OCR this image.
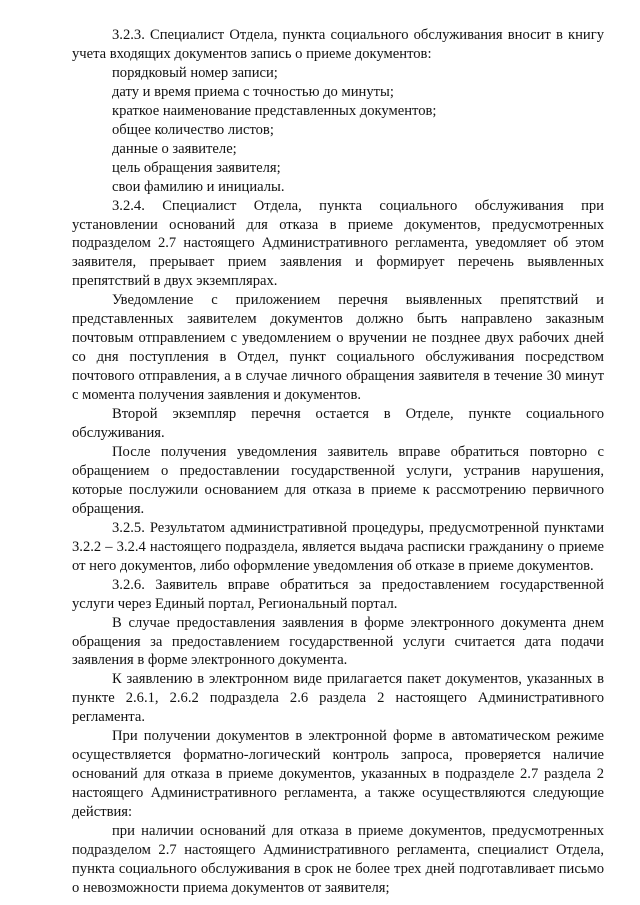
3.2.3. Специалист Отдела, пункта социального обслуживания вносит в книгу учета входящих документов запись о приеме документов:

порядковый номер записи;

дату и время приема с точностью до минуты;

краткое наименование представленных документов;

общее количество листов;

данные о заявителе;

цель обращения заявителя;

свои фамилию и инициалы.

3.2.4. Специалист Отдела, пункта социального обслуживания при установлении оснований для отказа в приеме документов, предусмотренных подразделом 2.7 настоящего Административного регламента, уведомляет об этом заявителя, прерывает прием заявления и формирует перечень выявленных препятствий в двух экземплярах.

Уведомление с приложением перечня выявленных препятствий и представленных заявителем документов должно быть направлено заказным почтовым отправлением с уведомлением о вручении не позднее двух рабочих дней со дня поступления в Отдел, пункт социального обслуживания посредством почтового отправления, а в случае личного обращения заявителя в течение 30 минут с момента получения заявления и документов.

Второй экземпляр перечня остается в Отделе, пункте социального обслуживания.

После получения уведомления заявитель вправе обратиться повторно с обращением о предоставлении государственной услуги, устранив нарушения, которые послужили основанием для отказа в приеме к рассмотрению первичного обращения.

3.2.5. Результатом административной процедуры, предусмотренной пунктами 3.2.2 – 3.2.4 настоящего подраздела, является выдача расписки гражданину о приеме от него документов, либо оформление уведомления об отказе в приеме документов.

3.2.6. Заявитель вправе обратиться за предоставлением государственной услуги через Единый портал, Региональный портал.

В случае предоставления заявления в форме электронного документа днем обращения за предоставлением государственной услуги считается дата подачи заявления в форме электронного документа.

К заявлению в электронном виде прилагается пакет документов, указанных в пункте 2.6.1, 2.6.2 подраздела 2.6 раздела 2 настоящего Административного регламента.

При получении документов в электронной форме в автоматическом режиме осуществляется форматно-логический контроль запроса, проверяется наличие оснований для отказа в приеме документов, указанных в подразделе 2.7 раздела 2 настоящего Административного регламента, а также осуществляются следующие действия:

при наличии оснований для отказа в приеме документов, предусмотренных подразделом 2.7 настоящего Административного регламента, специалист Отдела, пункта социального обслуживания в срок не более трех дней подготавливает письмо о невозможности приема документов от заявителя;
